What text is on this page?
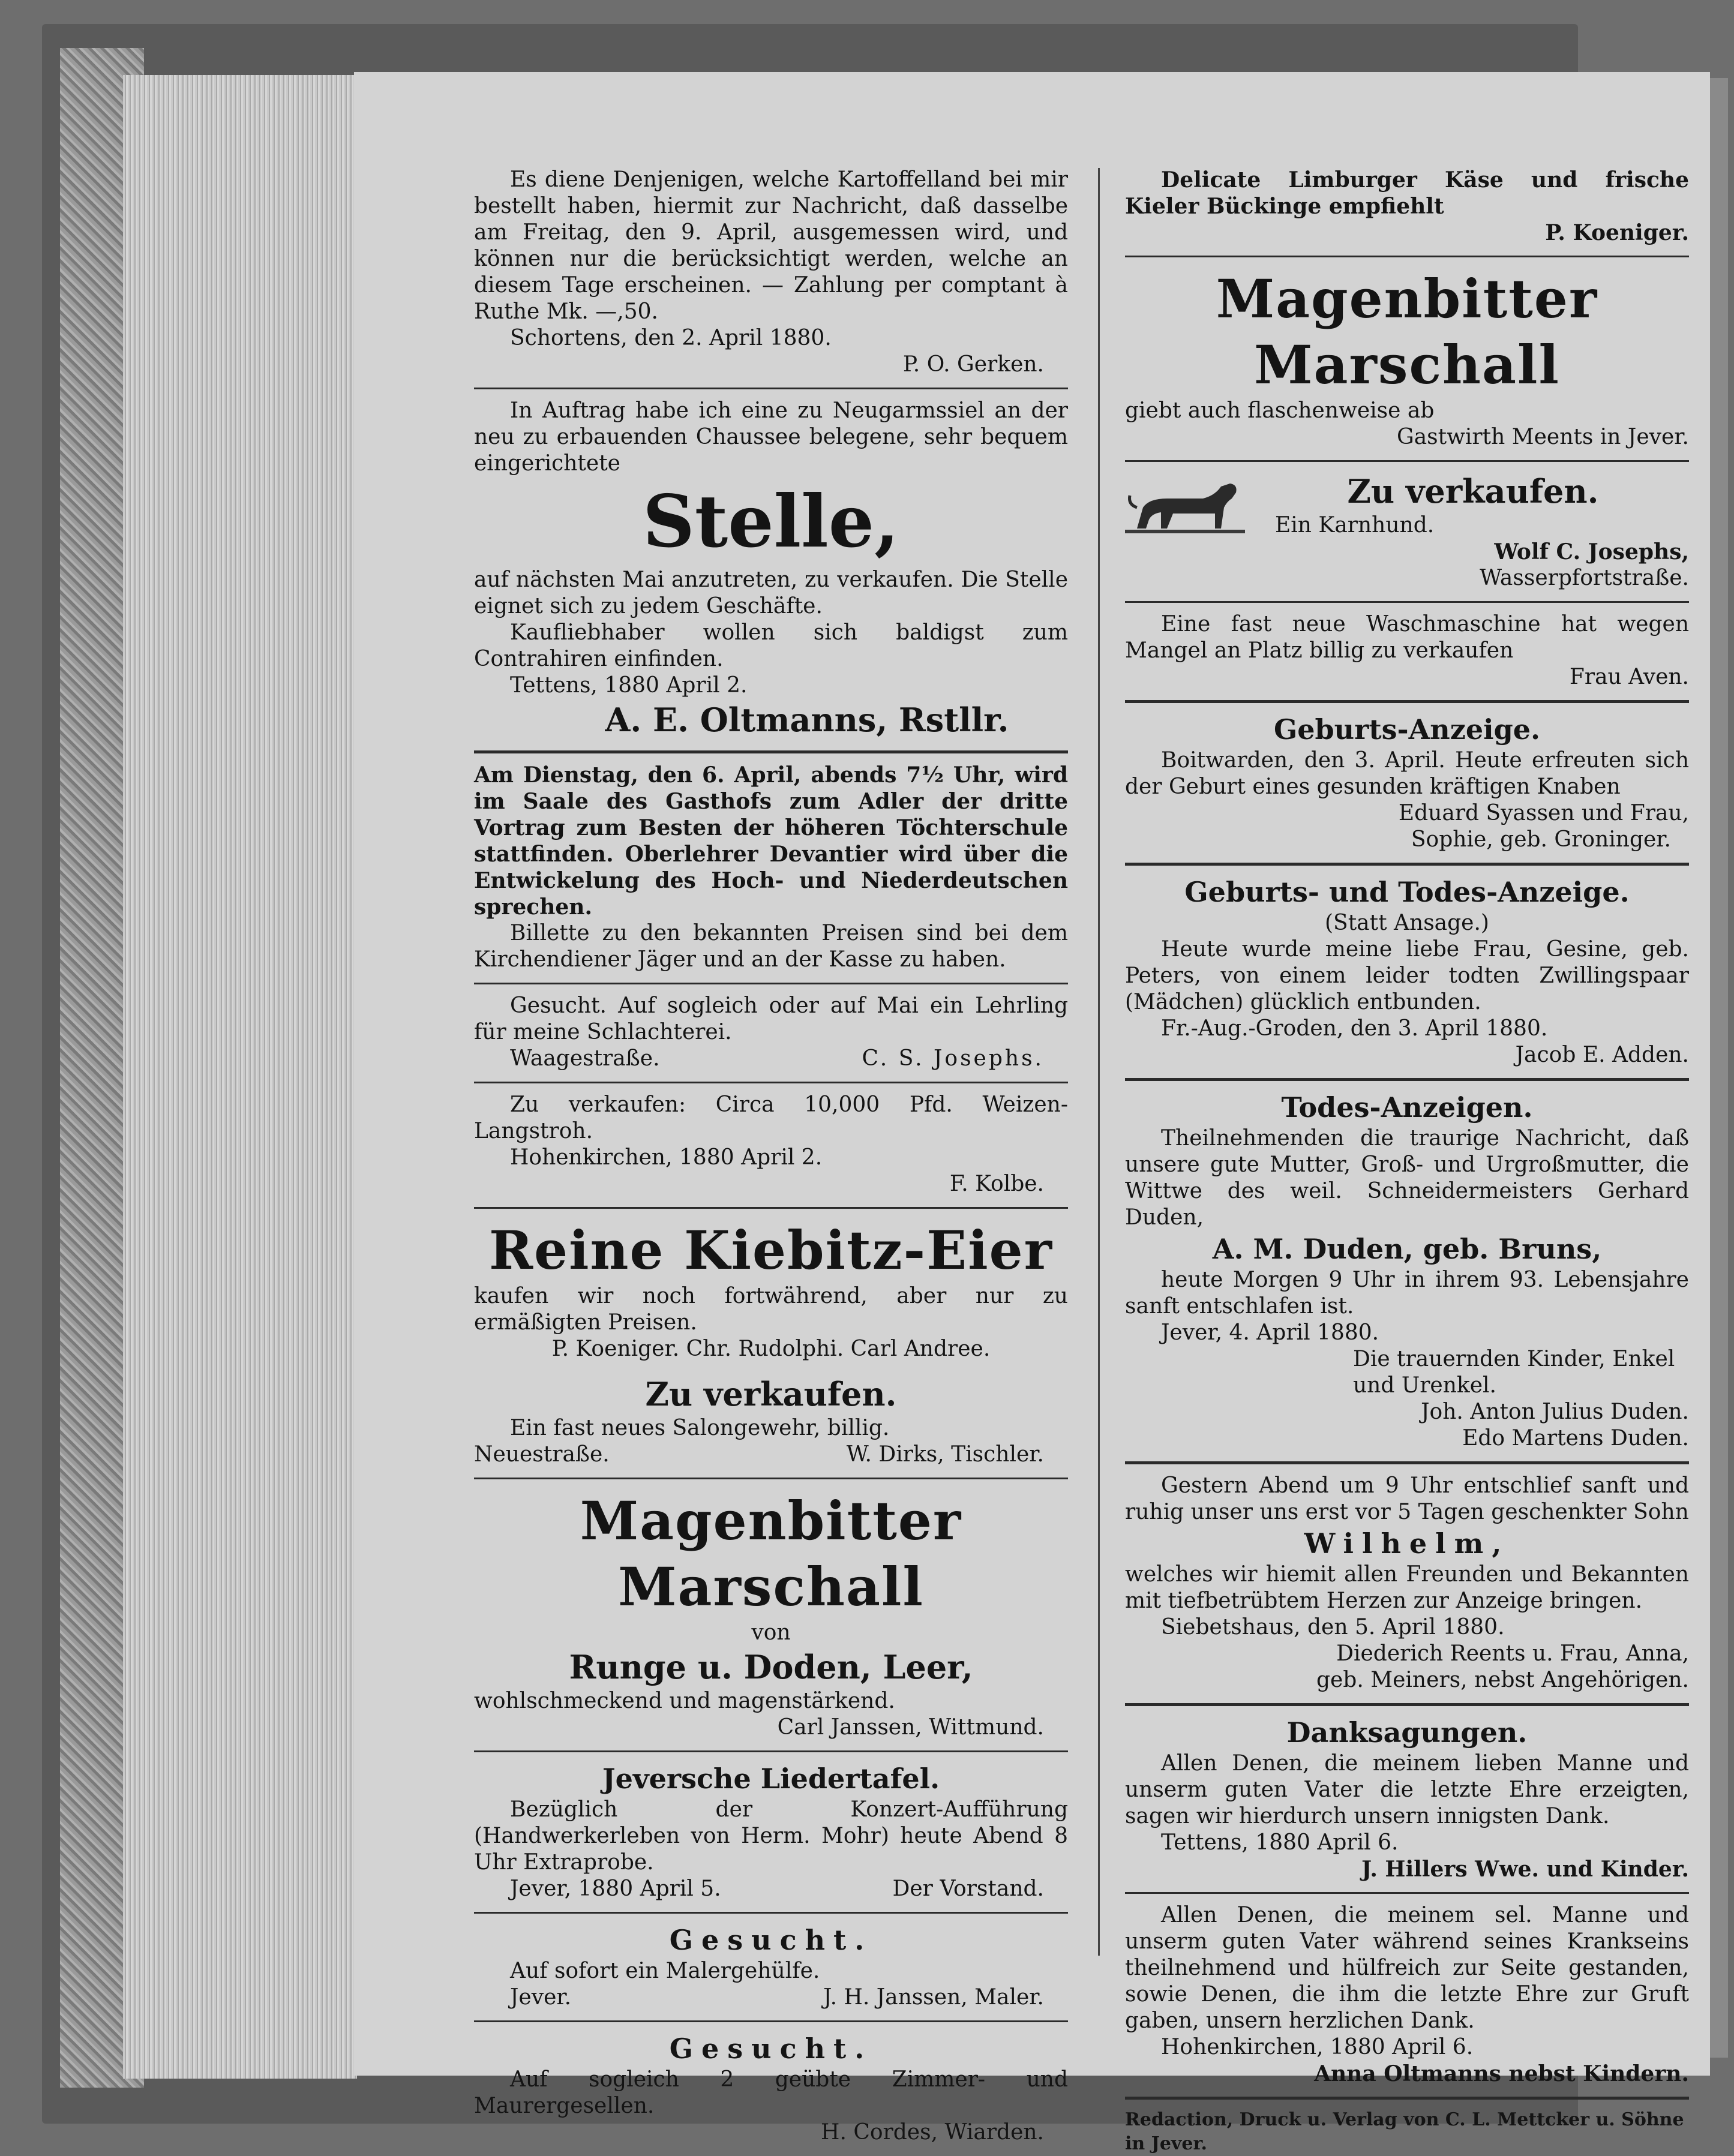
Es diene Denjenigen, welche Kartoffelland bei mir bestellt haben, hiermit zur Nachricht, daß dasselbe am Freitag, den 9. April, ausgemessen wird, und können nur die berücksichtigt werden, welche an diesem Tage erscheinen. — Zahlung per comptant à Ruthe Mk. —,50.

Schortens, den 2. April 1880.

P. O. Gerken.

In Auftrag habe ich eine zu Neugarmssiel an der neu zu erbauenden Chaussee belegene, sehr bequem eingerichtete

Stelle,

auf nächsten Mai anzutreten, zu verkaufen. Die Stelle eignet sich zu jedem Geschäfte.

Kaufliebhaber wollen sich baldigst zum Contrahiren einfinden.

Tettens, 1880 April 2.

A. E. Oltmanns, Rstllr.

Am Dienstag, den 6. April, abends 7½ Uhr, wird im Saale des Gasthofs zum Adler der dritte Vortrag zum Besten der höheren Töchterschule stattfinden. Oberlehrer Devantier wird über die Entwickelung des Hoch- und Niederdeutschen sprechen.

Billette zu den bekannten Preisen sind bei dem Kirchendiener Jäger und an der Kasse zu haben.

Gesucht. Auf sogleich oder auf Mai ein Lehrling für meine Schlachterei.

Waagestraße.	C. S. Josephs.

Zu verkaufen: Circa 10,000 Pfd. Weizen-Langstroh.

Hohenkirchen, 1880 April 2.

F. Kolbe.

Reine Kiebitz-Eier

kaufen wir noch fortwährend, aber nur zu ermäßigten Preisen.

P. Koeniger. Chr. Rudolphi. Carl Andree.

Zu verkaufen.

Ein fast neues Salongewehr, billig.

Neuestraße.	W. Dirks, Tischler.
Magenbitter Marschall

von

Runge u. Doden, Leer,

wohlschmeckend und magenstärkend.

Carl Janssen, Wittmund.

Jeversche Liedertafel.

Bezüglich der Konzert-Aufführung (Handwerkerleben von Herm. Mohr) heute Abend 8 Uhr Extraprobe.

Jever, 1880 April 5.	Der Vorstand.
Gesucht.

Auf sofort ein Malergehülfe.

Jever.	J. H. Janssen, Maler.
Gesucht.

Auf sogleich 2 geübte Zimmer- und Maurergesellen.

H. Cordes, Wiarden.

Delicate Limburger Käse und frische Kieler Bückinge empfiehlt

P. Koeniger.

Magenbitter Marschall

giebt auch flaschenweise ab

Gastwirth Meents in Jever.

Zu verkaufen.

Ein Karnhund.

Wolf C. Josephs,

Wasserpfortstraße.

Eine fast neue Waschmaschine hat wegen Mangel an Platz billig zu verkaufen

Frau Aven.

Geburts-Anzeige.

Boitwarden, den 3. April. Heute erfreuten sich der Geburt eines gesunden kräftigen Knaben

Eduard Syassen und Frau,

Sophie, geb. Groninger.

Geburts- und Todes-Anzeige.

(Statt Ansage.)

Heute wurde meine liebe Frau, Gesine, geb. Peters, von einem leider todten Zwillingspaar (Mädchen) glücklich entbunden.

Fr.-Aug.-Groden, den 3. April 1880.

Jacob E. Adden.

Todes-Anzeigen.

Theilnehmenden die traurige Nachricht, daß unsere gute Mutter, Groß- und Urgroßmutter, die Wittwe des weil. Schneidermeisters Gerhard Duden,

A. M. Duden, geb. Bruns,

heute Morgen 9 Uhr in ihrem 93. Lebensjahre sanft entschlafen ist.

Jever, 4. April 1880.

Die trauernden Kinder, Enkel und Urenkel.

Joh. Anton Julius Duden.

Edo Martens Duden.

Gestern Abend um 9 Uhr entschlief sanft und ruhig unser uns erst vor 5 Tagen geschenkter Sohn

Wilhelm,

welches wir hiemit allen Freunden und Bekannten mit tiefbetrübtem Herzen zur Anzeige bringen.

Siebetshaus, den 5. April 1880.

Diederich Reents u. Frau, Anna,

geb. Meiners, nebst Angehörigen.

Danksagungen.

Allen Denen, die meinem lieben Manne und unserm guten Vater die letzte Ehre erzeigten, sagen wir hierdurch unsern innigsten Dank.

Tettens, 1880 April 6.

J. Hillers Wwe. und Kinder.

Allen Denen, die meinem sel. Manne und unserm guten Vater während seines Krankseins theilnehmend und hülfreich zur Seite gestanden, sowie Denen, die ihm die letzte Ehre zur Gruft gaben, unsern herzlichen Dank.

Hohenkirchen, 1880 April 6.

Anna Oltmanns nebst Kindern.

Redaction, Druck u. Verlag von C. L. Mettcker u. Söhne in Jever.
